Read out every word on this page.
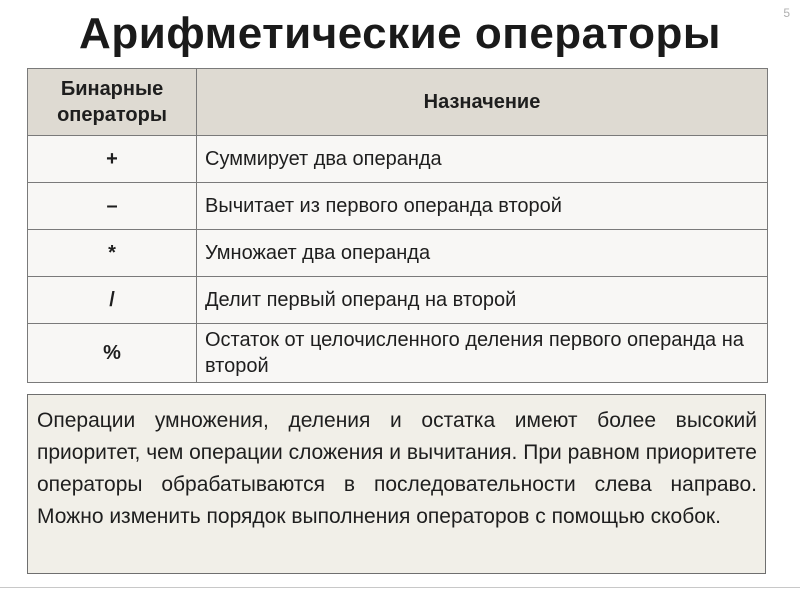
Арифметические операторы	5
Бинарные операторы	Назначение
+	Суммирует два операнда
–	Вычитает из первого операнда второй
*	Умножает два операнда
/	Делит первый операнд на второй
%	Остаток от целочисленного деления первого операнда на второй
Операции умножения, деления и остатка имеют более высокий приоритет, чем операции сложения и вычитания. При равном приоритете операторы обрабатываются в последовательности слева направо. Можно изменить порядок выполнения операторов с помощью скобок.
